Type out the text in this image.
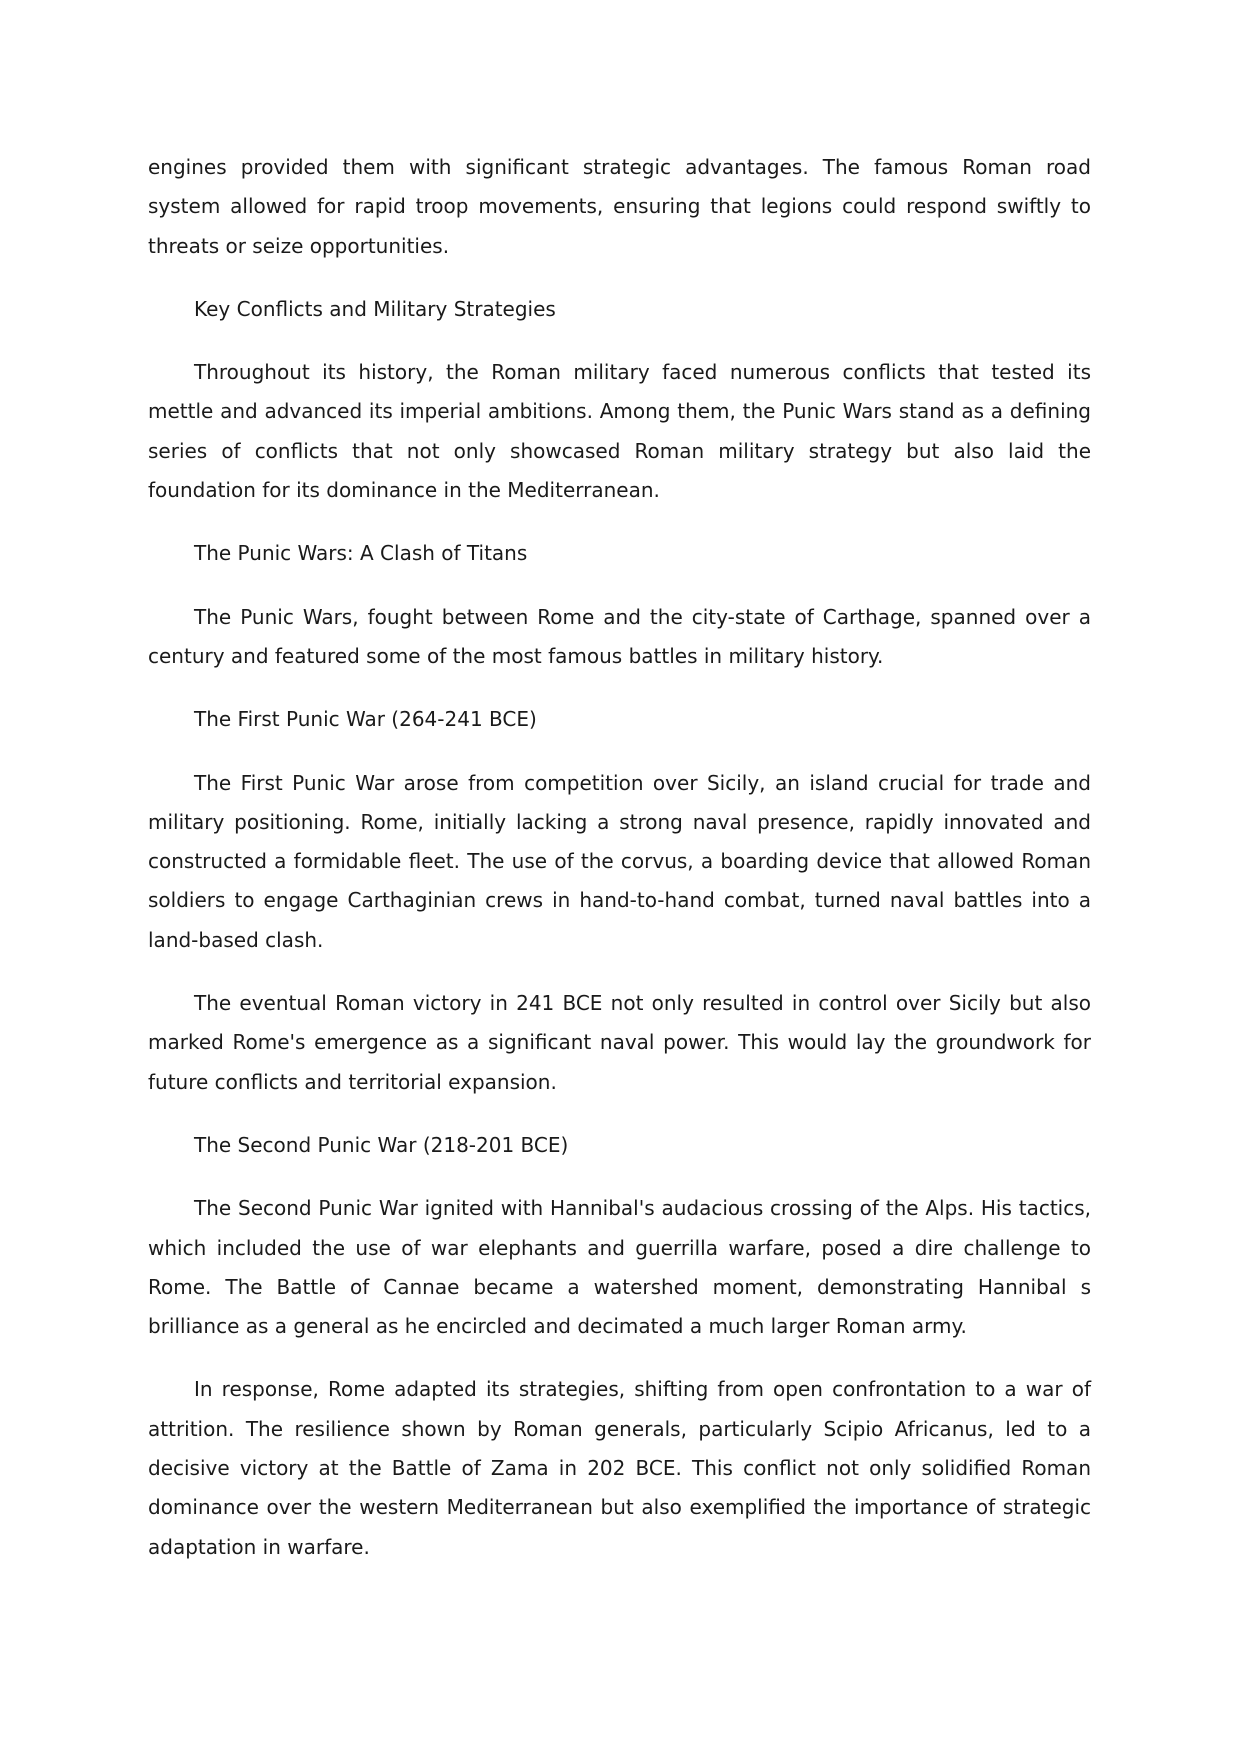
engines provided them with significant strategic advantages. The famous Roman road system allowed for rapid troop movements, ensuring that legions could respond swiftly to threats or seize opportunities.

Key Conflicts and Military Strategies

Throughout its history, the Roman military faced numerous conflicts that tested its mettle and advanced its imperial ambitions. Among them, the Punic Wars stand as a defining series of conflicts that not only showcased Roman military strategy but also laid the foundation for its dominance in the Mediterranean.

The Punic Wars: A Clash of Titans

The Punic Wars, fought between Rome and the city-state of Carthage, spanned over a century and featured some of the most famous battles in military history.

The First Punic War (264-241 BCE)

The First Punic War arose from competition over Sicily, an island crucial for trade and military positioning. Rome, initially lacking a strong naval presence, rapidly innovated and constructed a formidable fleet. The use of the corvus, a boarding device that allowed Roman soldiers to engage Carthaginian crews in hand-to-hand combat, turned naval battles into a land-based clash.

The eventual Roman victory in 241 BCE not only resulted in control over Sicily but also marked Rome's emergence as a significant naval power. This would lay the groundwork for future conflicts and territorial expansion.

The Second Punic War (218-201 BCE)

The Second Punic War ignited with Hannibal's audacious crossing of the Alps. His tactics, which included the use of war elephants and guerrilla warfare, posed a dire challenge to Rome. The Battle of Cannae became a watershed moment, demonstrating Hannibal s brilliance as a general as he encircled and decimated a much larger Roman army.

In response, Rome adapted its strategies, shifting from open confrontation to a war of attrition. The resilience shown by Roman generals, particularly Scipio Africanus, led to a decisive victory at the Battle of Zama in 202 BCE. This conflict not only solidified Roman dominance over the western Mediterranean but also exemplified the importance of strategic adaptation in warfare.
